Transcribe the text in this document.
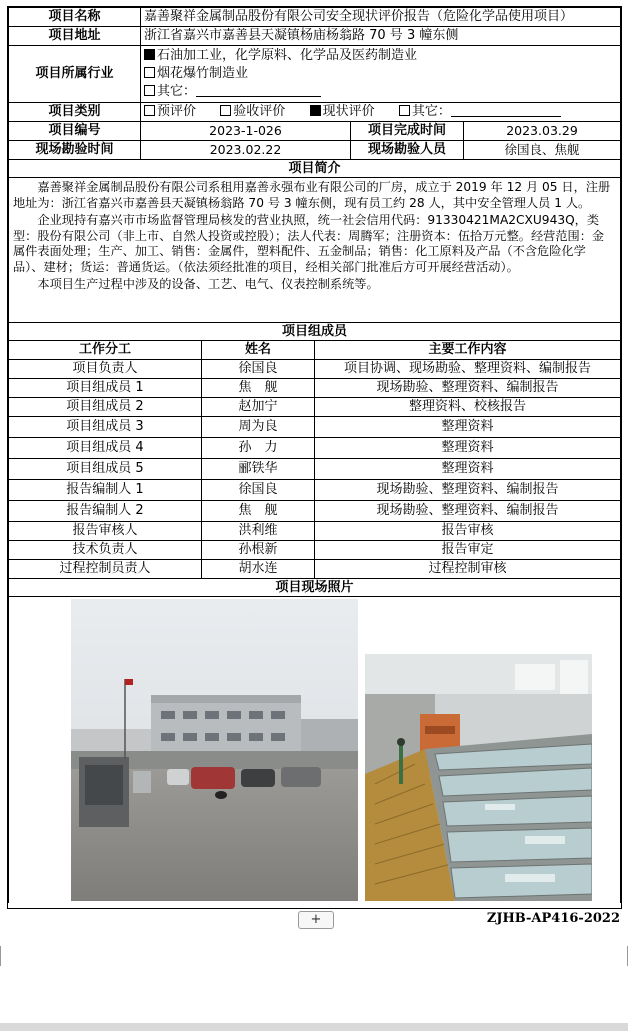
项目名称	嘉善聚祥金属制品股份有限公司安全现状评价报告（危险化学品使用项目）		
项目地址	浙江省嘉兴市嘉善县天凝镇杨庙杨翁路 70 号 3 幢东侧		
项目所属行业	石油加工业，化学原料、化学品及医药制造业
烟花爆竹制造业
其它：		

项目类别	预评价 验收评价 现状评价 其它：		
项目编号	2023-1-026	项目完成时间	2023.03.29
现场勘验时间	2023.02.22	现场勘验人员	徐国良、焦舰
项目简介			

嘉善聚祥金属制品股份有限公司系租用嘉善永强布业有限公司的厂房，成立于 2019 年 12 月 05 日，注册地址为：浙江省嘉兴市嘉善县天凝镇杨翁路 70 号 3 幢东侧，现有员工约 28 人，其中安全管理人员 1 人。

企业现持有嘉兴市市场监督管理局核发的营业执照，统一社会信用代码：91330421MA2CXU943Q，类型：股份有限公司（非上市、自然人投资或控股）；法人代表：周腾军；注册资本：伍拾万元整。经营范围：金属件表面处理；生产、加工、销售：金属件，塑料配件、五金制品；销售：化工原料及产品（不含危险化学品）、建材；货运：普通货运。（依法须经批准的项目，经相关部门批准后方可开展经营活动）。

本项目生产过程中涉及的设备、工艺、电气、仪表控制系统等。			

项目组成员		
工作分工	姓名	主要工作内容
项目负责人	徐国良	项目协调、现场勘验、整理资料、编制报告
项目组成员 1	焦　舰	现场勘验、整理资料、编制报告
项目组成员 2	赵加宁	整理资料、校核报告
项目组成员 3	周为良	整理资料
项目组成员 4	孙　力	整理资料
项目组成员 5	郦铁华	整理资料
报告编制人 1	徐国良	现场勘验、整理资料、编制报告
报告编制人 2	焦　舰	现场勘验、整理资料、编制报告
报告审核人	洪利维	报告审核
技术负责人	孙根新	报告审定
过程控制员责人	胡水连	过程控制审核
项目现场照片		

+	ZJHB-AP416-2022
